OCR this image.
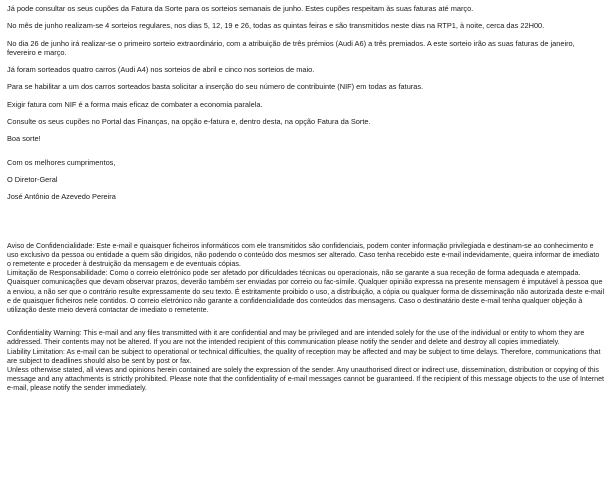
Já pode consultar os seus cupões da Fatura da Sorte para os sorteios semanais de junho. Estes cupões respeitam às suas faturas até março.

No mês de junho realizam-se 4 sorteios regulares, nos dias 5, 12, 19 e 26, todas as quintas feiras e são transmitidos neste dias na RTP1, à noite, cerca das 22H00.

No dia 26 de junho irá realizar-se o primeiro sorteio extraordinário, com a atribuição de três prémios (Audi A6) a três premiados. A este sorteio irão as suas faturas de janeiro, fevereiro e março.

Já foram sorteados quatro carros (Audi A4) nos sorteios de abril e cinco nos sorteios de maio.

Para se habilitar a um dos carros sorteados basta solicitar a inserção do seu número de contribuinte (NIF) em todas as faturas.

Exigir fatura com NIF é a forma mais eficaz de combater a economia paralela.

Consulte os seus cupões no Portal das Finanças, na opção e-fatura e, dentro desta, na opção Fatura da Sorte.

Boa sorte!

Com os melhores cumprimentos,

O Diretor-Geral

José Antônio de Azevedo Pereira

Aviso de Confidencialidade: Este e-mail e quaisquer ficheiros informáticos com ele transmitidos são confidenciais, podem conter informação privilegiada e destinam-se ao conhecimento e uso exclusivo da pessoa ou entidade a quem são dirigidos, não podendo o conteúdo dos mesmos ser alterado. Caso tenha recebido este e-mail indevidamente, queira informar de imediato o remetente e proceder à destruição da mensagem e de eventuais cópias.

Limitação de Responsabilidade: Como o correio eletrónico pode ser afetado por dificuldades técnicas ou operacionais, não se garante a sua receção de forma adequada e atempada. Quaisquer comunicações que devam observar prazos, deverão também ser enviadas por correio ou fac-símile. Qualquer opinião expressa na presente mensagem é imputável à pessoa que a enviou, a não ser que o contrário resulte expressamente do seu texto. É estritamente proibido o uso, a distribuição, a cópia ou qualquer forma de disseminação não autorizada deste e-mail e de quaisquer ficheiros nele contidos. O correio eletrónico não garante a confidencialidade dos conteúdos das mensagens. Caso o destinatário deste e-mail tenha qualquer objeção à utilização deste meio deverá contactar de imediato o remetente.

Confidentiality Warning: This e-mail and any files transmitted with it are confidential and may be privileged and are intended solely for the use of the individual or entity to whom they are addressed. Their contents may not be altered. If you are not the intended recipient of this communication please notify the sender and delete and destroy all copies immediately.

Liability Limitation: As e-mail can be subject to operational or technical difficulties, the quality of reception may be affected and may be subject to time delays. Therefore, communications that are subject to deadlines should also be sent by post or fax.

Unless otherwise stated, all views and opinions herein contained are solely the expression of the sender. Any unauthorised direct or indirect use, dissemination, distribution or copying of this message and any attachments is strictly prohibited. Please note that the confidentiality of e-mail messages cannot be guaranteed. If the recipient of this message objects to the use of Internet e-mail, please notify the sender immediately.
